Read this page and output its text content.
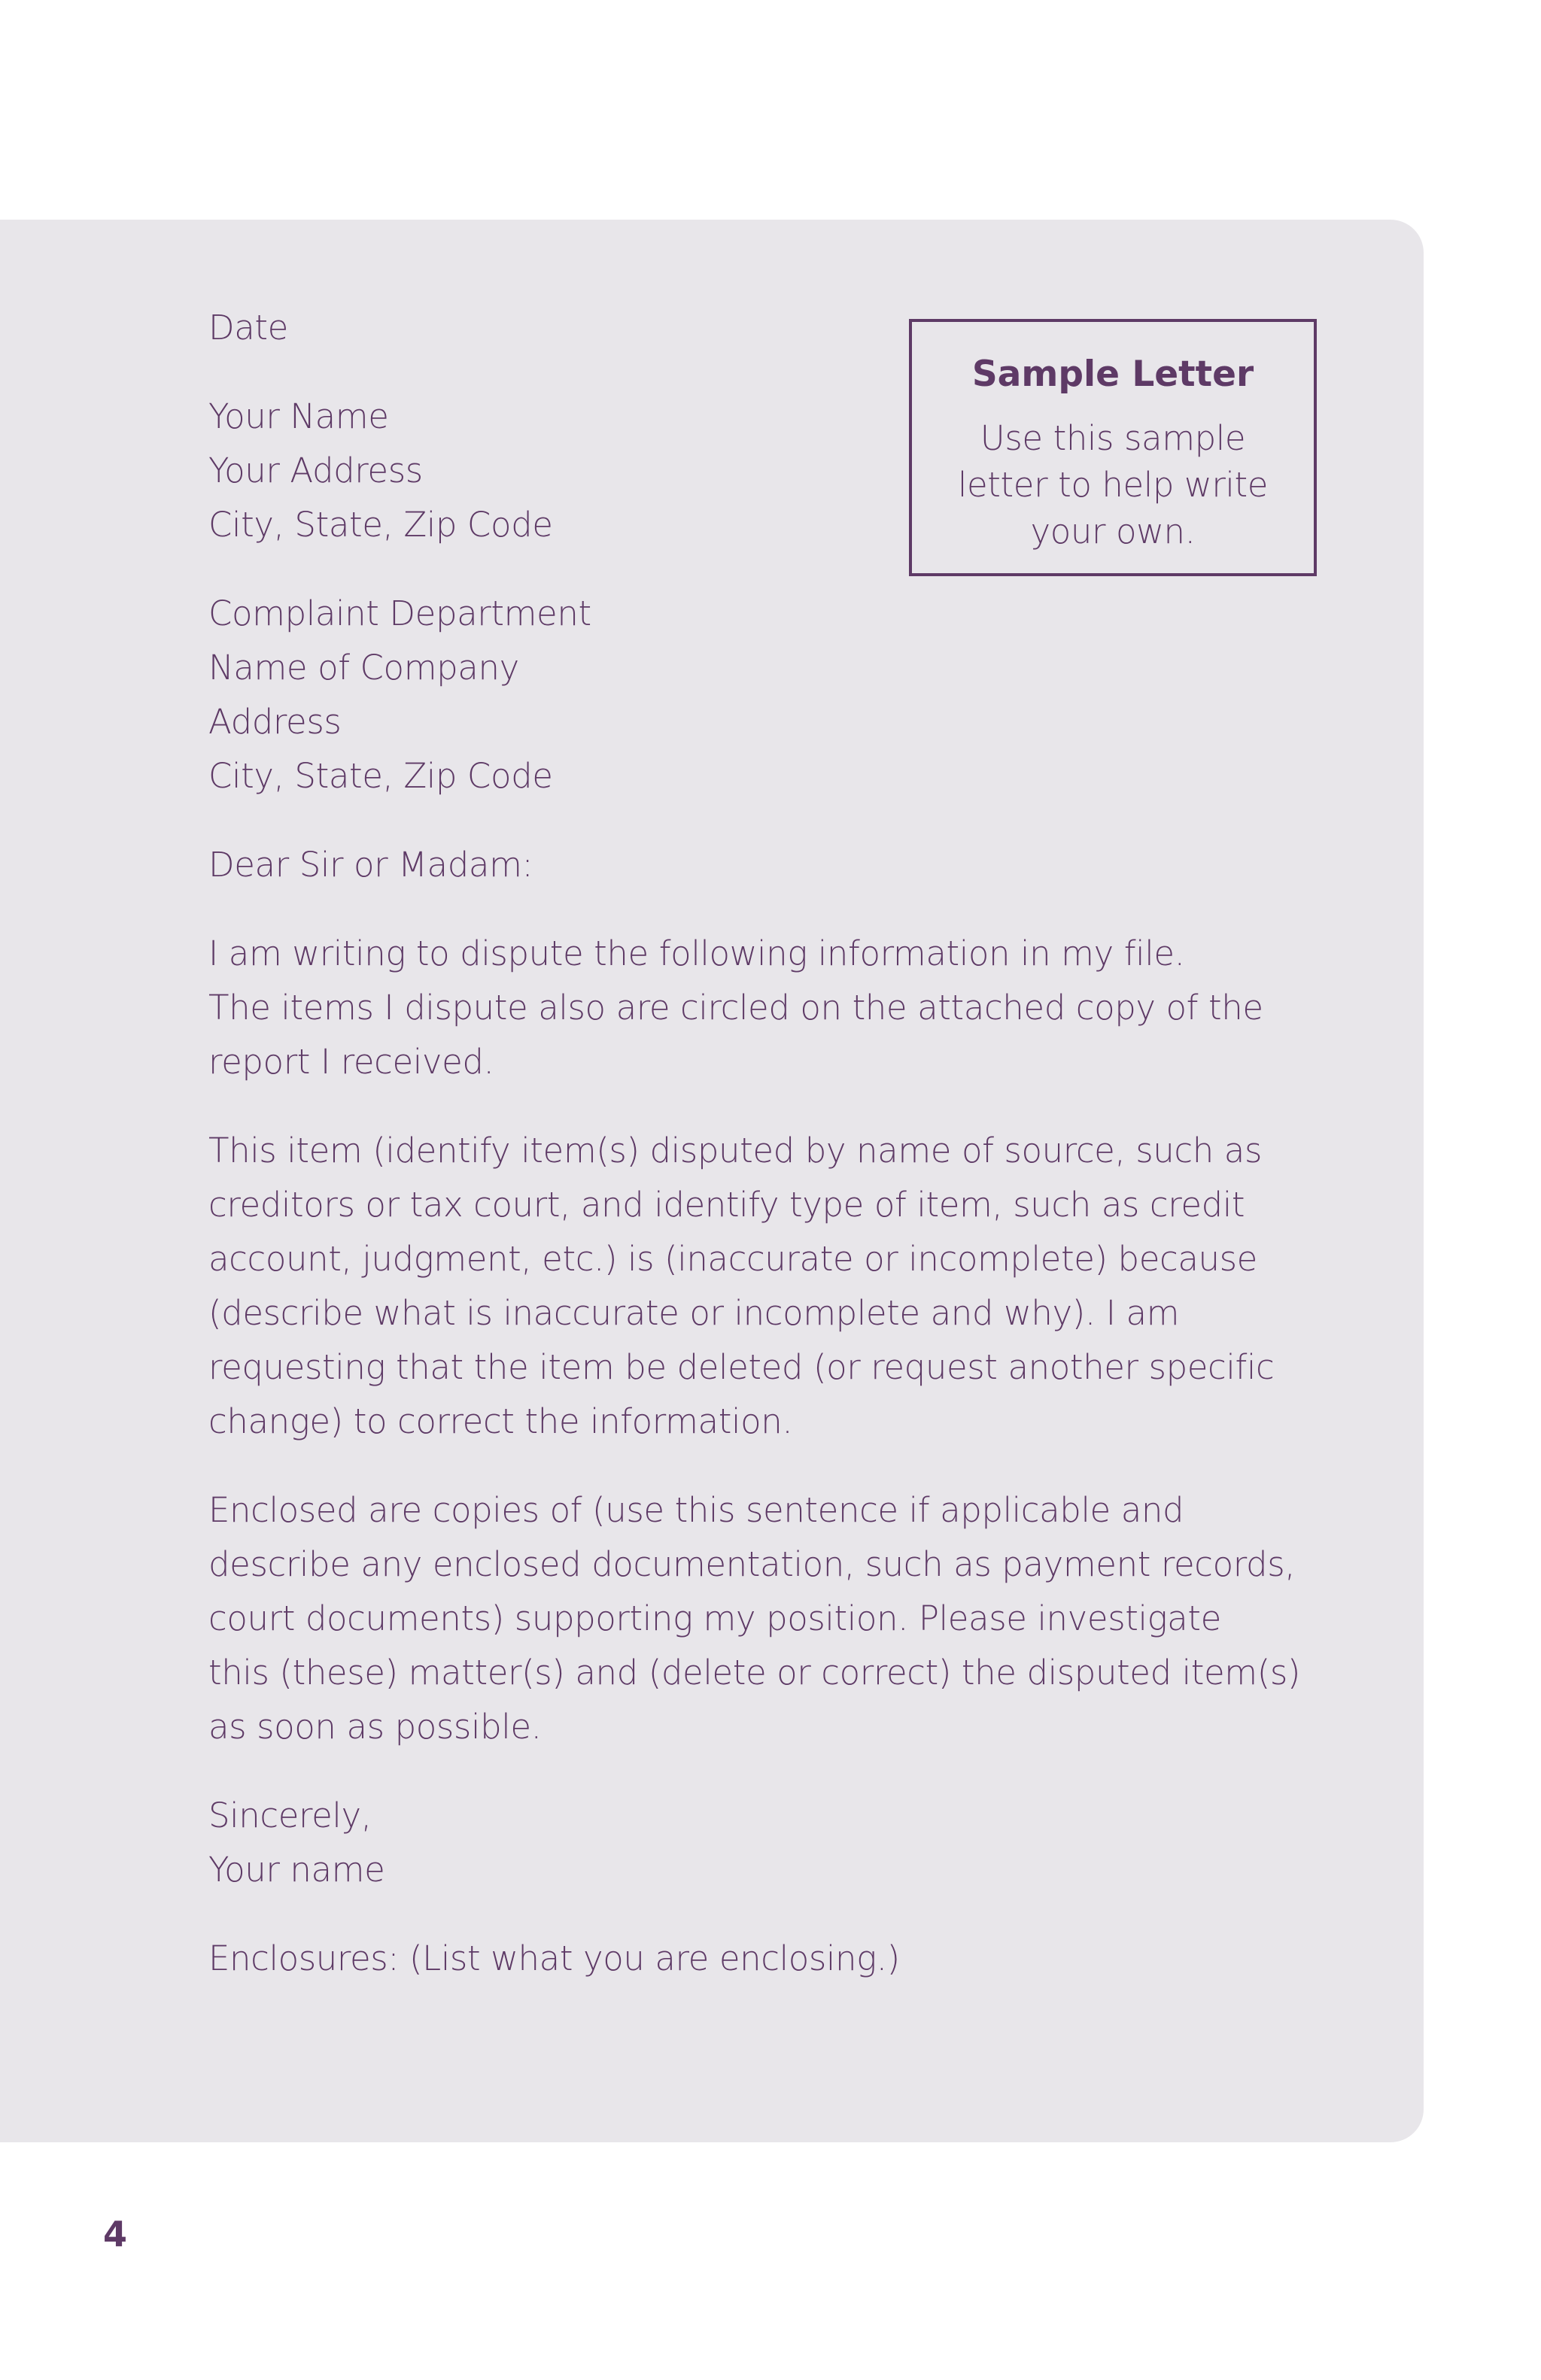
Date

Your Name
Your Address
City, State, Zip Code

Complaint Department
Name of Company
Address
City, State, Zip Code

Dear Sir or Madam:

I am writing to dispute the following information in my file.
The items I dispute also are circled on the attached copy of the
report I received.

This item (identify item(s) disputed by name of source, such as
creditors or tax court, and identify type of item, such as credit
account, judgment, etc.) is (inaccurate or incomplete) because
(describe what is inaccurate or incomplete and why). I am
requesting that the item be deleted (or request another specific
change) to correct the information.

Enclosed are copies of (use this sentence if applicable and
describe any enclosed documentation, such as payment records,
court documents) supporting my position. Please investigate
this (these) matter(s) and (delete or correct) the disputed item(s)
as soon as possible.

Sincerely,
Your name

Enclosures: (List what you are enclosing.)

Sample Letter
Use this sample
letter to help write
your own.
4
